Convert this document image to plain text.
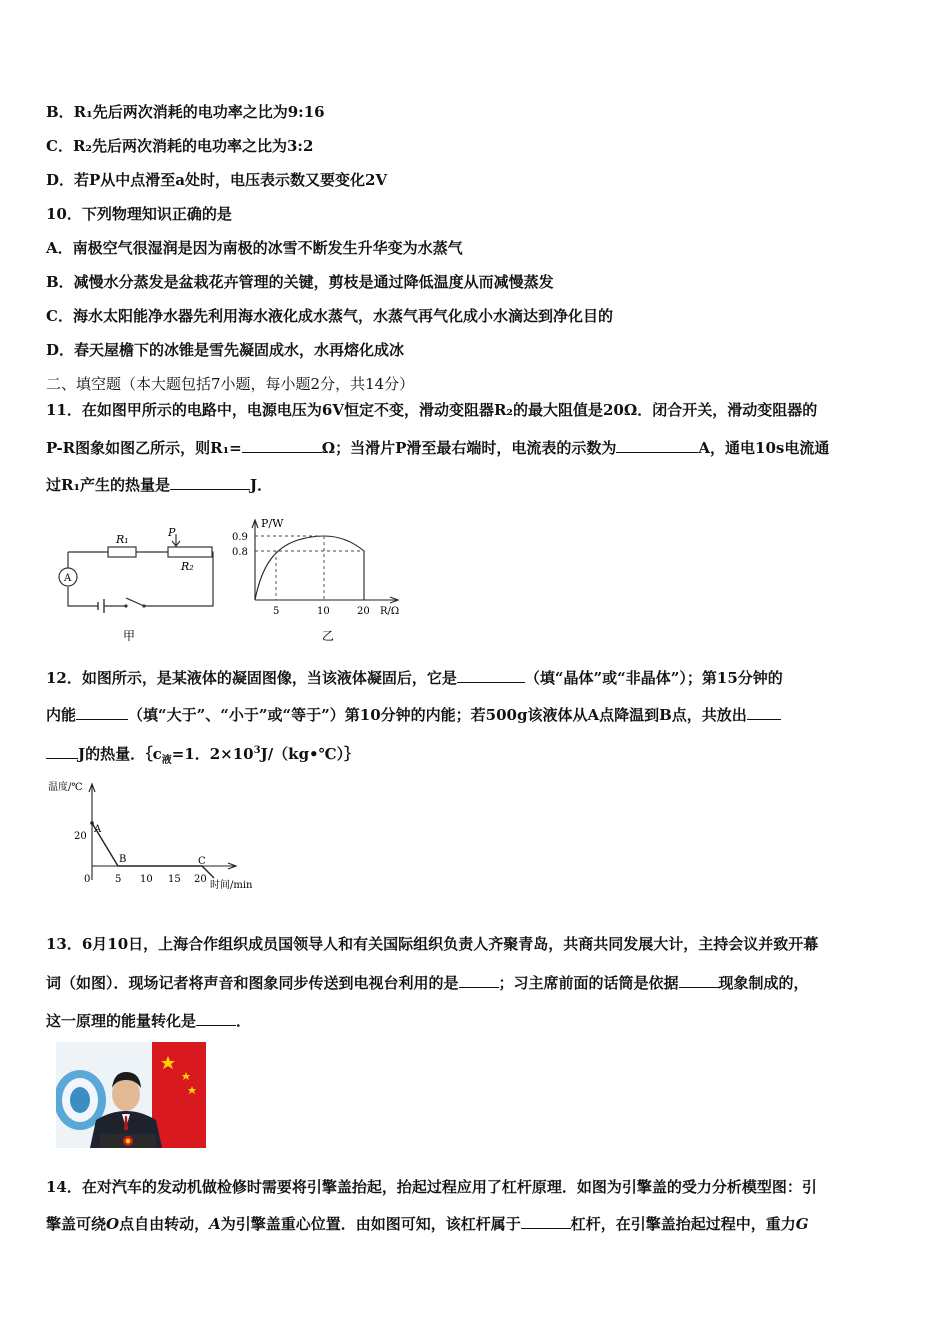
B．R₁先后两次消耗的电功率之比为9:16
C．R₂先后两次消耗的电功率之比为3:2
D．若P从中点滑至a处时，电压表示数又要变化2V
10．下列物理知识正确的是
A．南极空气很湿润是因为南极的冰雪不断发生升华变为水蒸气
B．减慢水分蒸发是盆栽花卉管理的关键，剪枝是通过降低温度从而减慢蒸发
C．海水太阳能净水器先利用海水液化成水蒸气，水蒸气再气化成小水滴达到净化目的
D．春天屋檐下的冰锥是雪先凝固成水，水再熔化成冰
二、填空题（本大题包括7小题，每小题2分，共14分）
11．在如图甲所示的电路中，电源电压为6V恒定不变，滑动变阻器R₂的最大阻值是20Ω．闭合开关，滑动变阻器的
P-R图象如图乙所示，则R₁=	Ω；当滑片P滑至最右端时，电流表的示数为	A，通电10s电流通
过R₁产生的热量是	J．
R₁
P
R₂
A
甲
P/W
0.9
0.8
5	10	20 R/Ω
乙
12．如图所示，是某液体的凝固图像，当该液体凝固后，它是	（填“晶体”或“非晶体”）；第15分钟的
内能	（填“大于”、“小于”或“等于”）第10分钟的内能；若500g该液体从A点降温到B点，共放出
J的热量．$\{c_液=1$．$2\times 10^3J/(kg•℃)\}$
温度/℃
20
A
B	C
0 5 10 15 20
时间/min
13．6月10日，上海合作组织成员国领导人和有关国际组织负责人齐聚青岛，共商共同发展大计，主持会议并致开幕
词（如图）．现场记者将声音和图象同步传送到电视台利用的是	；习主席前面的话筒是依据	现象制成的，
这一原理的能量转化是	．
14．在对汽车的发动机做检修时需要将引擎盖抬起，抬起过程应用了杠杆原理．如图为引擎盖的受力分析模型图：引
擎盖可绕O点自由转动，A为引擎盖重心位置．由如图可知，该杠杆属于	杠杆，在引擎盖抬起过程中，重力G
